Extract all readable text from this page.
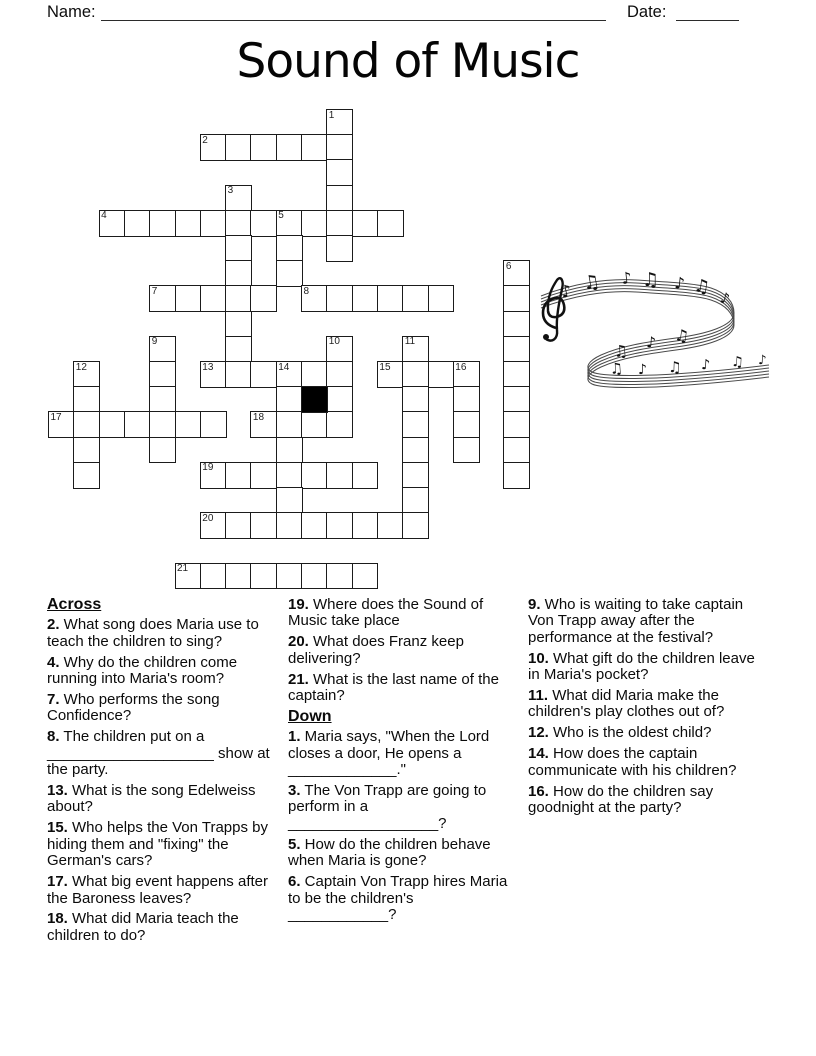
Name:	Date:
Sound of Music
1
2
3
4	5
6
7	8
9	10	11
12	13	14	15	16
17	18
19
20
21
♪ ♫ ♪ ♫ ♪ ♫
♪
♫
♪
♫
♫ ♪ ♫ ♪ ♫ ♪
Across

2. What song does Maria use to teach the children to sing?

4. Why do the children come running into Maria's room?

7. Who performs the song Confidence?

8. The children put on a ____________________ show at the party.

13. What is the song Edelweiss about?

15. Who helps the Von Trapps by hiding them and "fixing" the German's cars?

17. What big event happens after the Baroness leaves?

18. What did Maria teach the children to do?

19. Where does the Sound of Music take place

20. What does Franz keep delivering?

21. What is the last name of the captain?

Down

1. Maria says, "When the Lord closes a door, He opens a _____________."

3. The Von Trapp are going to perform in a __________________?

5. How do the children behave when Maria is gone?

6. Captain Von Trapp hires Maria to be the children's ____________?

9. Who is waiting to take captain Von Trapp away after the performance at the festival?

10. What gift do the children leave in Maria's pocket?

11. What did Maria make the children's play clothes out of?

12. Who is the oldest child?

14. How does the captain communicate with his children?

16. How do the children say goodnight at the party?
